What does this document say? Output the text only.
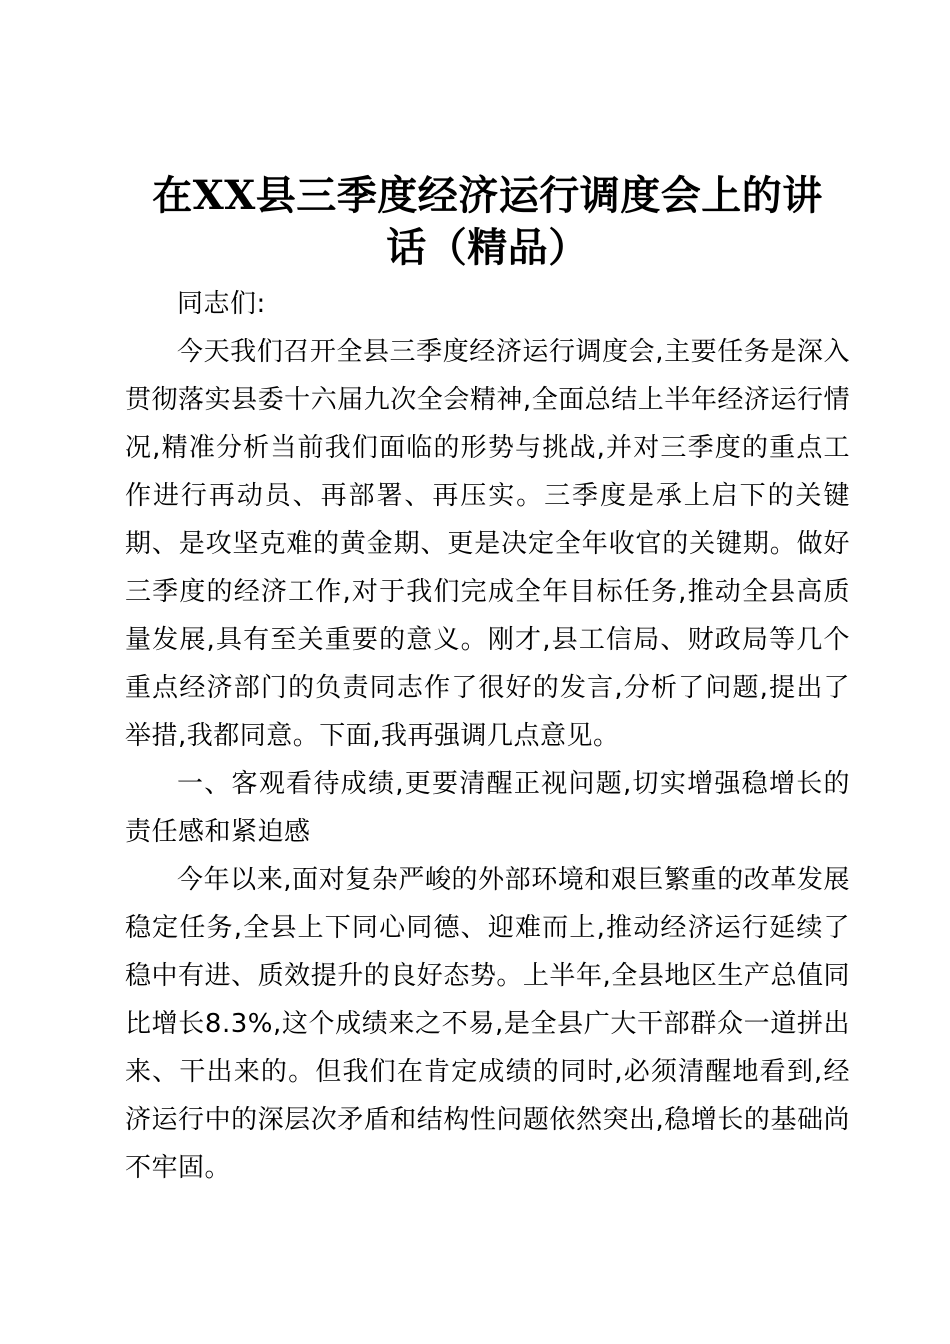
在XX县三季度经济运行调度会上的讲话（精品）

同志们:

今天我们召开全县三季度经济运行调度会,主要任务是深入贯彻落实县委十六届九次全会精神,全面总结上半年经济运行情况,精准分析当前我们面临的形势与挑战,并对三季度的重点工作进行再动员、再部署、再压实。三季度是承上启下的关键期、是攻坚克难的黄金期、更是决定全年收官的关键期。做好三季度的经济工作,对于我们完成全年目标任务,推动全县高质量发展,具有至关重要的意义。刚才,县工信局、财政局等几个重点经济部门的负责同志作了很好的发言,分析了问题,提出了举措,我都同意。下面,我再强调几点意见。

一、客观看待成绩,更要清醒正视问题,切实增强稳增长的责任感和紧迫感

今年以来,面对复杂严峻的外部环境和艰巨繁重的改革发展稳定任务,全县上下同心同德、迎难而上,推动经济运行延续了稳中有进、质效提升的良好态势。上半年,全县地区生产总值同比增长8.3%,这个成绩来之不易,是全县广大干部群众一道拼出来、干出来的。但我们在肯定成绩的同时,必须清醒地看到,经济运行中的深层次矛盾和结构性问题依然突出,稳增长的基础尚不牢固。
